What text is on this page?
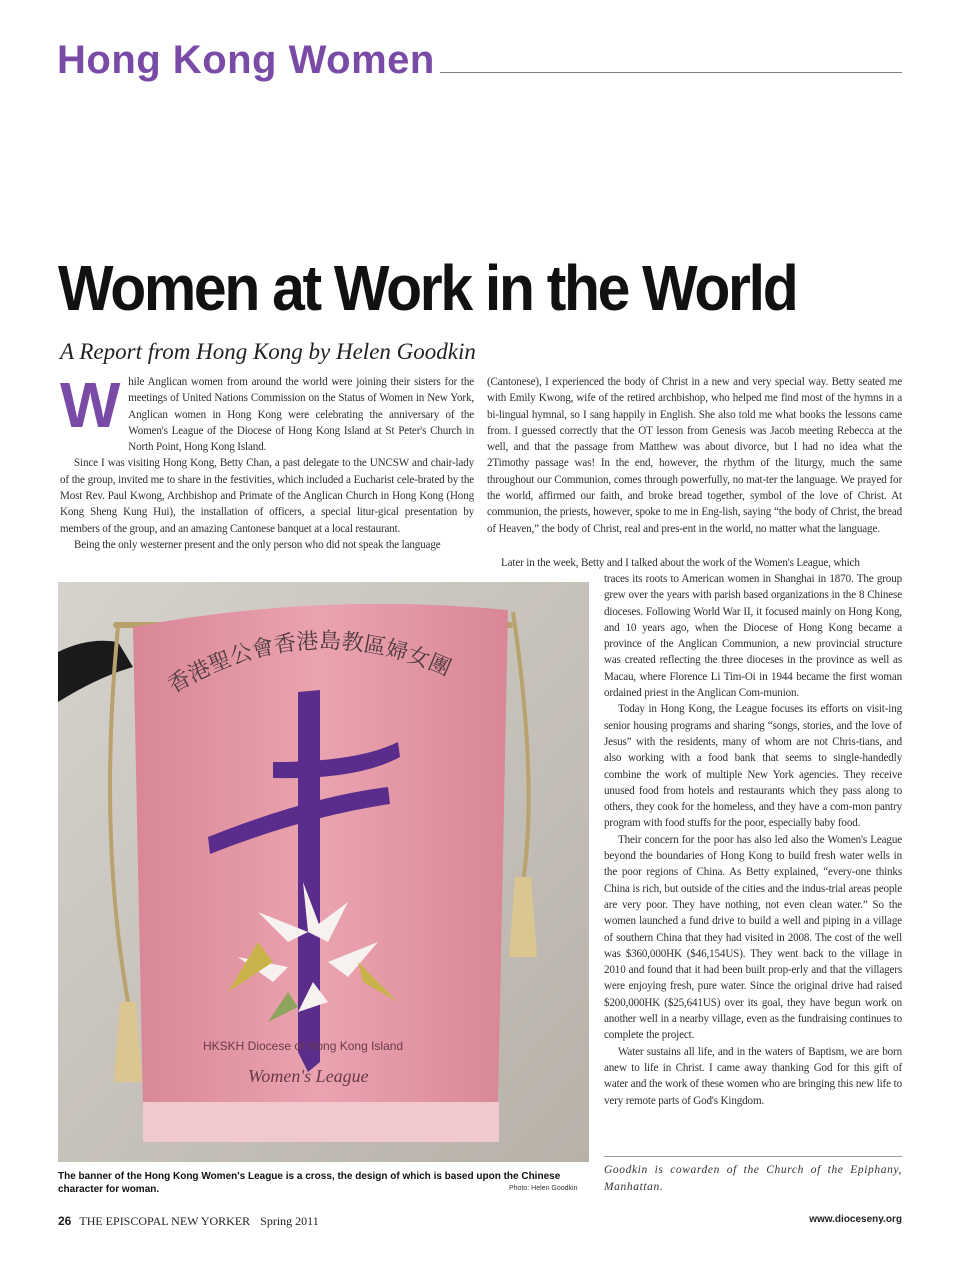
Hong Kong Women
Women at Work in the World
A Report from Hong Kong by Helen Goodkin
W hile Anglican women from around the world were joining their sisters for the meetings of United Nations Commission on the Status of Women in New York, Anglican women in Hong Kong were celebrating the anniversary of the Women's League of the Diocese of Hong Kong Island at St Peter's Church in North Point, Hong Kong Island.

Since I was visiting Hong Kong, Betty Chan, a past delegate to the UNCSW and chair-lady of the group, invited me to share in the festivities, which included a Eucharist cele-brated by the Most Rev. Paul Kwong, Archbishop and Primate of the Anglican Church in Hong Kong (Hong Kong Sheng Kung Hui), the installation of officers, a special litur-gical presentation by members of the group, and an amazing Cantonese banquet at a local restaurant.

Being the only westerner present and the only person who did not speak the language

(Cantonese), I experienced the body of Christ in a new and very special way. Betty seated me with Emily Kwong, wife of the retired archbishop, who helped me find most of the hymns in a bi-lingual hymnal, so I sang happily in English. She also told me what books the lessons came from. I guessed correctly that the OT lesson from Genesis was Jacob meeting Rebecca at the well, and that the passage from Matthew was about divorce, but I had no idea what the 2Timothy passage was! In the end, however, the rhythm of the liturgy, much the same throughout our Communion, comes through powerfully, no mat-ter the language. We prayed for the world, affirmed our faith, and broke bread together, symbol of the love of Christ. At communion, the priests, however, spoke to me in Eng-lish, saying “the body of Christ, the bread of Heaven,” the body of Christ, real and pres-ent in the world, no matter what the language.

Later in the week, Betty and I talked about the work of the Women's League, which

traces its roots to American women in Shanghai in 1870. The group grew over the years with parish based organizations in the 8 Chinese dioceses. Following World War II, it focused mainly on Hong Kong, and 10 years ago, when the Diocese of Hong Kong became a province of the Anglican Communion, a new provincial structure was created reflecting the three dioceses in the province as well as Macau, where Florence Li Tim-Oi in 1944 became the first woman ordained priest in the Anglican Com-munion.

Today in Hong Kong, the League focuses its efforts on visit-ing senior housing programs and sharing “songs, stories, and the love of Jesus” with the residents, many of whom are not Chris-tians, and also working with a food bank that seems to single-handedly combine the work of multiple New York agencies. They receive unused food from hotels and restaurants which they pass along to others, they cook for the homeless, and they have a com-mon pantry program with food stuffs for the poor, especially baby food.

Their concern for the poor has also led also the Women's League beyond the boundaries of Hong Kong to build fresh water wells in the poor regions of China. As Betty explained, “every-one thinks China is rich, but outside of the cities and the indus-trial areas people are very poor. They have nothing, not even clean water.” So the women launched a fund drive to build a well and piping in a village of southern China that they had visited in 2008. The cost of the well was $360,000HK ($46,154US). They went back to the village in 2010 and found that it had been built prop-erly and that the villagers were enjoying fresh, pure water. Since the original drive had raised $200,000HK ($25,641US) over its goal, they have begun work on another well in a nearby village, even as the fundraising continues to complete the project.

Water sustains all life, and in the waters of Baptism, we are born anew to life in Christ. I came away thanking God for this gift of water and the work of these women who are bringing this new life to very remote parts of God's Kingdom.

香港聖公會香港島教區婦女團
HKSKH Diocese of Hong Kong Island
Women's League
The banner of the Hong Kong Women's League is a cross, the design of which is based upon the Chinese character for woman.	Photo: Helen Goodkin
Goodkin is cowarden of the Church of the Epiphany, Manhattan.
26 THE EPISCOPAL NEW YORKER Spring 2011	www.dioceseny.org
